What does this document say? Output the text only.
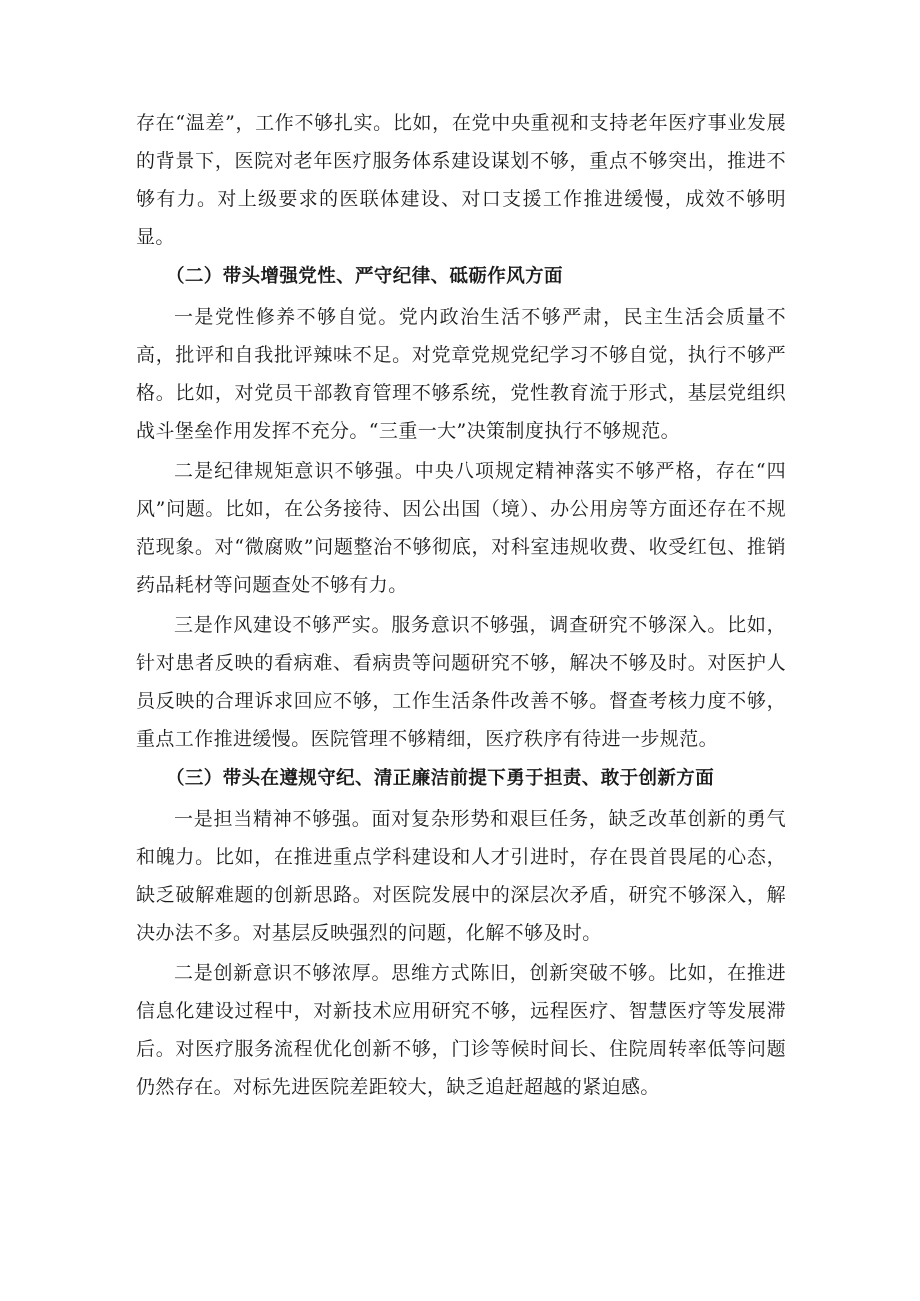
存在“温差”，工作不够扎实。比如，在党中央重视和支持老年医疗事业发展的背景下，医院对老年医疗服务体系建设谋划不够，重点不够突出，推进不够有力。对上级要求的医联体建设、对口支援工作推进缓慢，成效不够明显。

（二）带头增强党性、严守纪律、砥砺作风方面

一是党性修养不够自觉。党内政治生活不够严肃，民主生活会质量不高，批评和自我批评辣味不足。对党章党规党纪学习不够自觉，执行不够严格。比如，对党员干部教育管理不够系统，党性教育流于形式，基层党组织战斗堡垒作用发挥不充分。“三重一大”决策制度执行不够规范。

二是纪律规矩意识不够强。中央八项规定精神落实不够严格，存在“四风”问题。比如，在公务接待、因公出国（境）、办公用房等方面还存在不规范现象。对“微腐败”问题整治不够彻底，对科室违规收费、收受红包、推销药品耗材等问题查处不够有力。

三是作风建设不够严实。服务意识不够强，调查研究不够深入。比如，针对患者反映的看病难、看病贵等问题研究不够，解决不够及时。对医护人员反映的合理诉求回应不够，工作生活条件改善不够。督查考核力度不够，重点工作推进缓慢。医院管理不够精细，医疗秩序有待进一步规范。

（三）带头在遵规守纪、清正廉洁前提下勇于担责、敢于创新方面

一是担当精神不够强。面对复杂形势和艰巨任务，缺乏改革创新的勇气和魄力。比如，在推进重点学科建设和人才引进时，存在畏首畏尾的心态，缺乏破解难题的创新思路。对医院发展中的深层次矛盾，研究不够深入，解决办法不多。对基层反映强烈的问题，化解不够及时。

二是创新意识不够浓厚。思维方式陈旧，创新突破不够。比如，在推进信息化建设过程中，对新技术应用研究不够，远程医疗、智慧医疗等发展滞后。对医疗服务流程优化创新不够，门诊等候时间长、住院周转率低等问题仍然存在。对标先进医院差距较大，缺乏追赶超越的紧迫感。
